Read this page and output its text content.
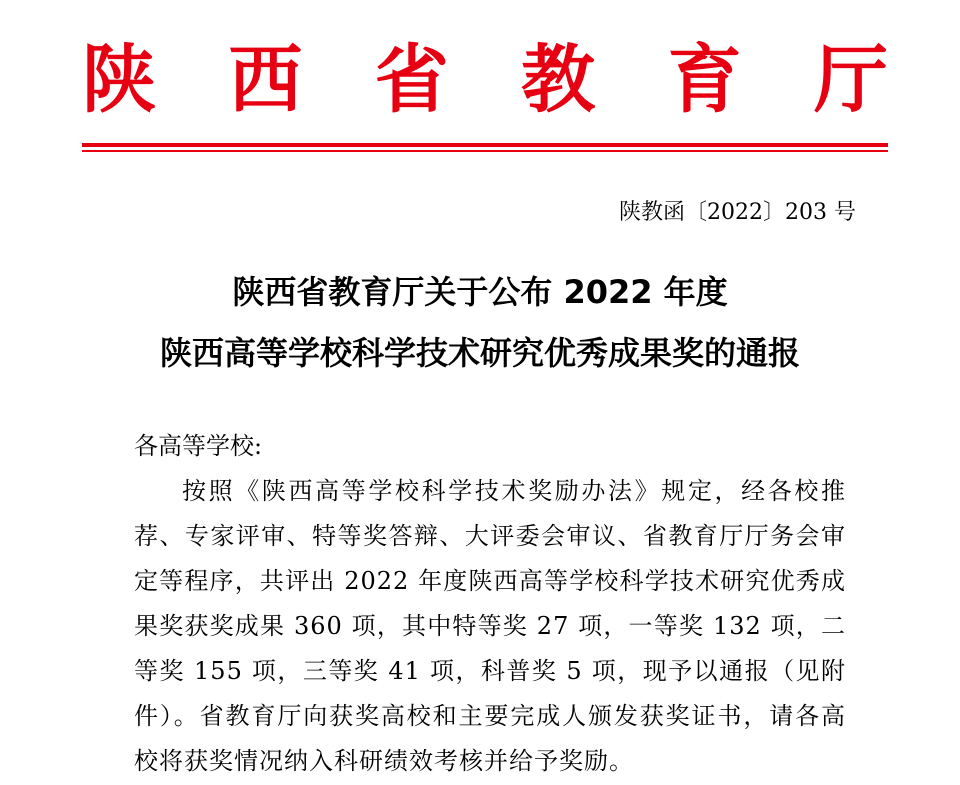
陕 西 省 教 育 厅
陕教函〔2022〕203 号
陕西省教育厅关于公布 2022 年度
陕西高等学校科学技术研究优秀成果奖的通报

各高等学校:

按照《陕西高等学校科学技术奖励办法》规定，经各校推荐、专家评审、特等奖答辩、大评委会审议、省教育厅厅务会审定等程序，共评出 2022 年度陕西高等学校科学技术研究优秀成果奖获奖成果 360 项，其中特等奖 27 项，一等奖 132 项，二等奖 155 项，三等奖 41 项，科普奖 5 项，现予以通报（见附件）。省教育厅向获奖高校和主要完成人颁发获奖证书，请各高校将获奖情况纳入科研绩效考核并给予奖励。
